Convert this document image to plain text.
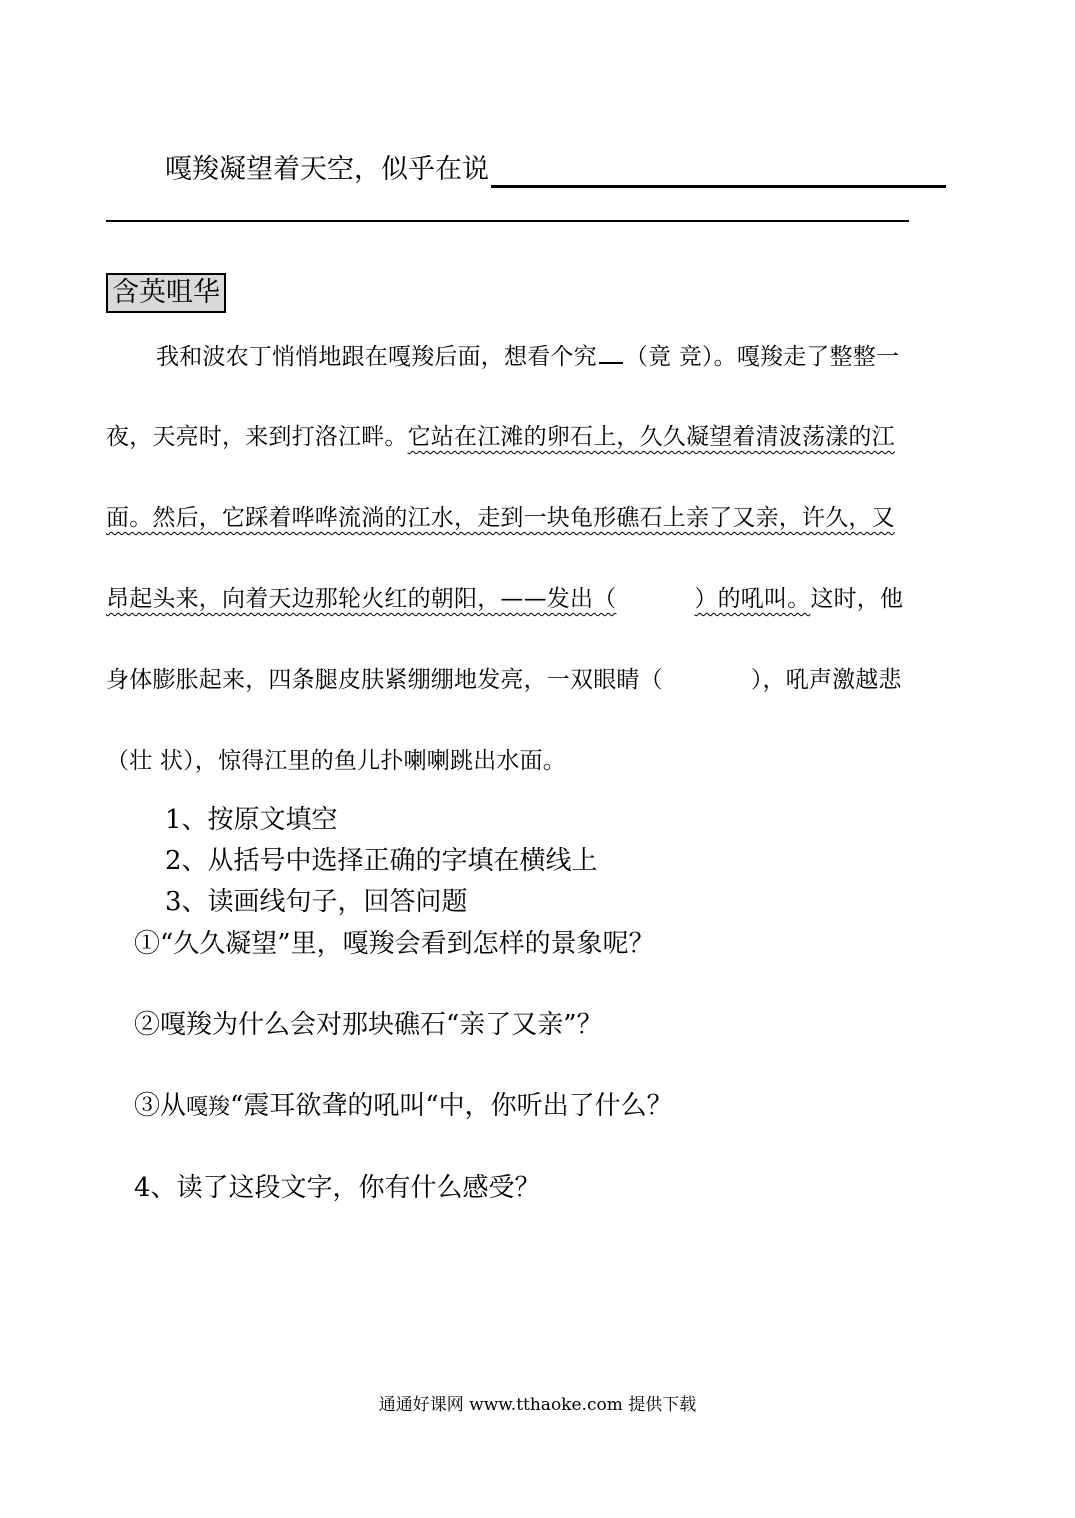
嘎羧凝望着天空，似乎在说
含英咀华
我和波农丁悄悄地跟在嘎羧后面，想看个究 （竟 竞）。嘎羧走了整整一
夜，天亮时，来到打洛江畔。它站在江滩的卵石上，久久凝望着清波荡漾的江
面。然后，它踩着哗哗流淌的江水，走到一块龟形礁石上亲了又亲，许久，又
昂起头来，向着天边那轮火红的朝阳，——发出（	）的吼叫。这时，他
身体膨胀起来，四条腿皮肤紧绷绷地发亮，一双眼睛（	），吼声激越悲
（壮 状），惊得江里的鱼儿扑喇喇跳出水面。
1、按原文填空
2、从括号中选择正确的字填在横线上
3、读画线句子，回答问题
①“久久凝望”里，嘎羧会看到怎样的景象呢？
②嘎羧为什么会对那块礁石“亲了又亲”？
③从嘎羧“震耳欲聋的吼叫“中，你听出了什么？
4、读了这段文字，你有什么感受？
通通好课网 www.tthaoke.com 提供下载
